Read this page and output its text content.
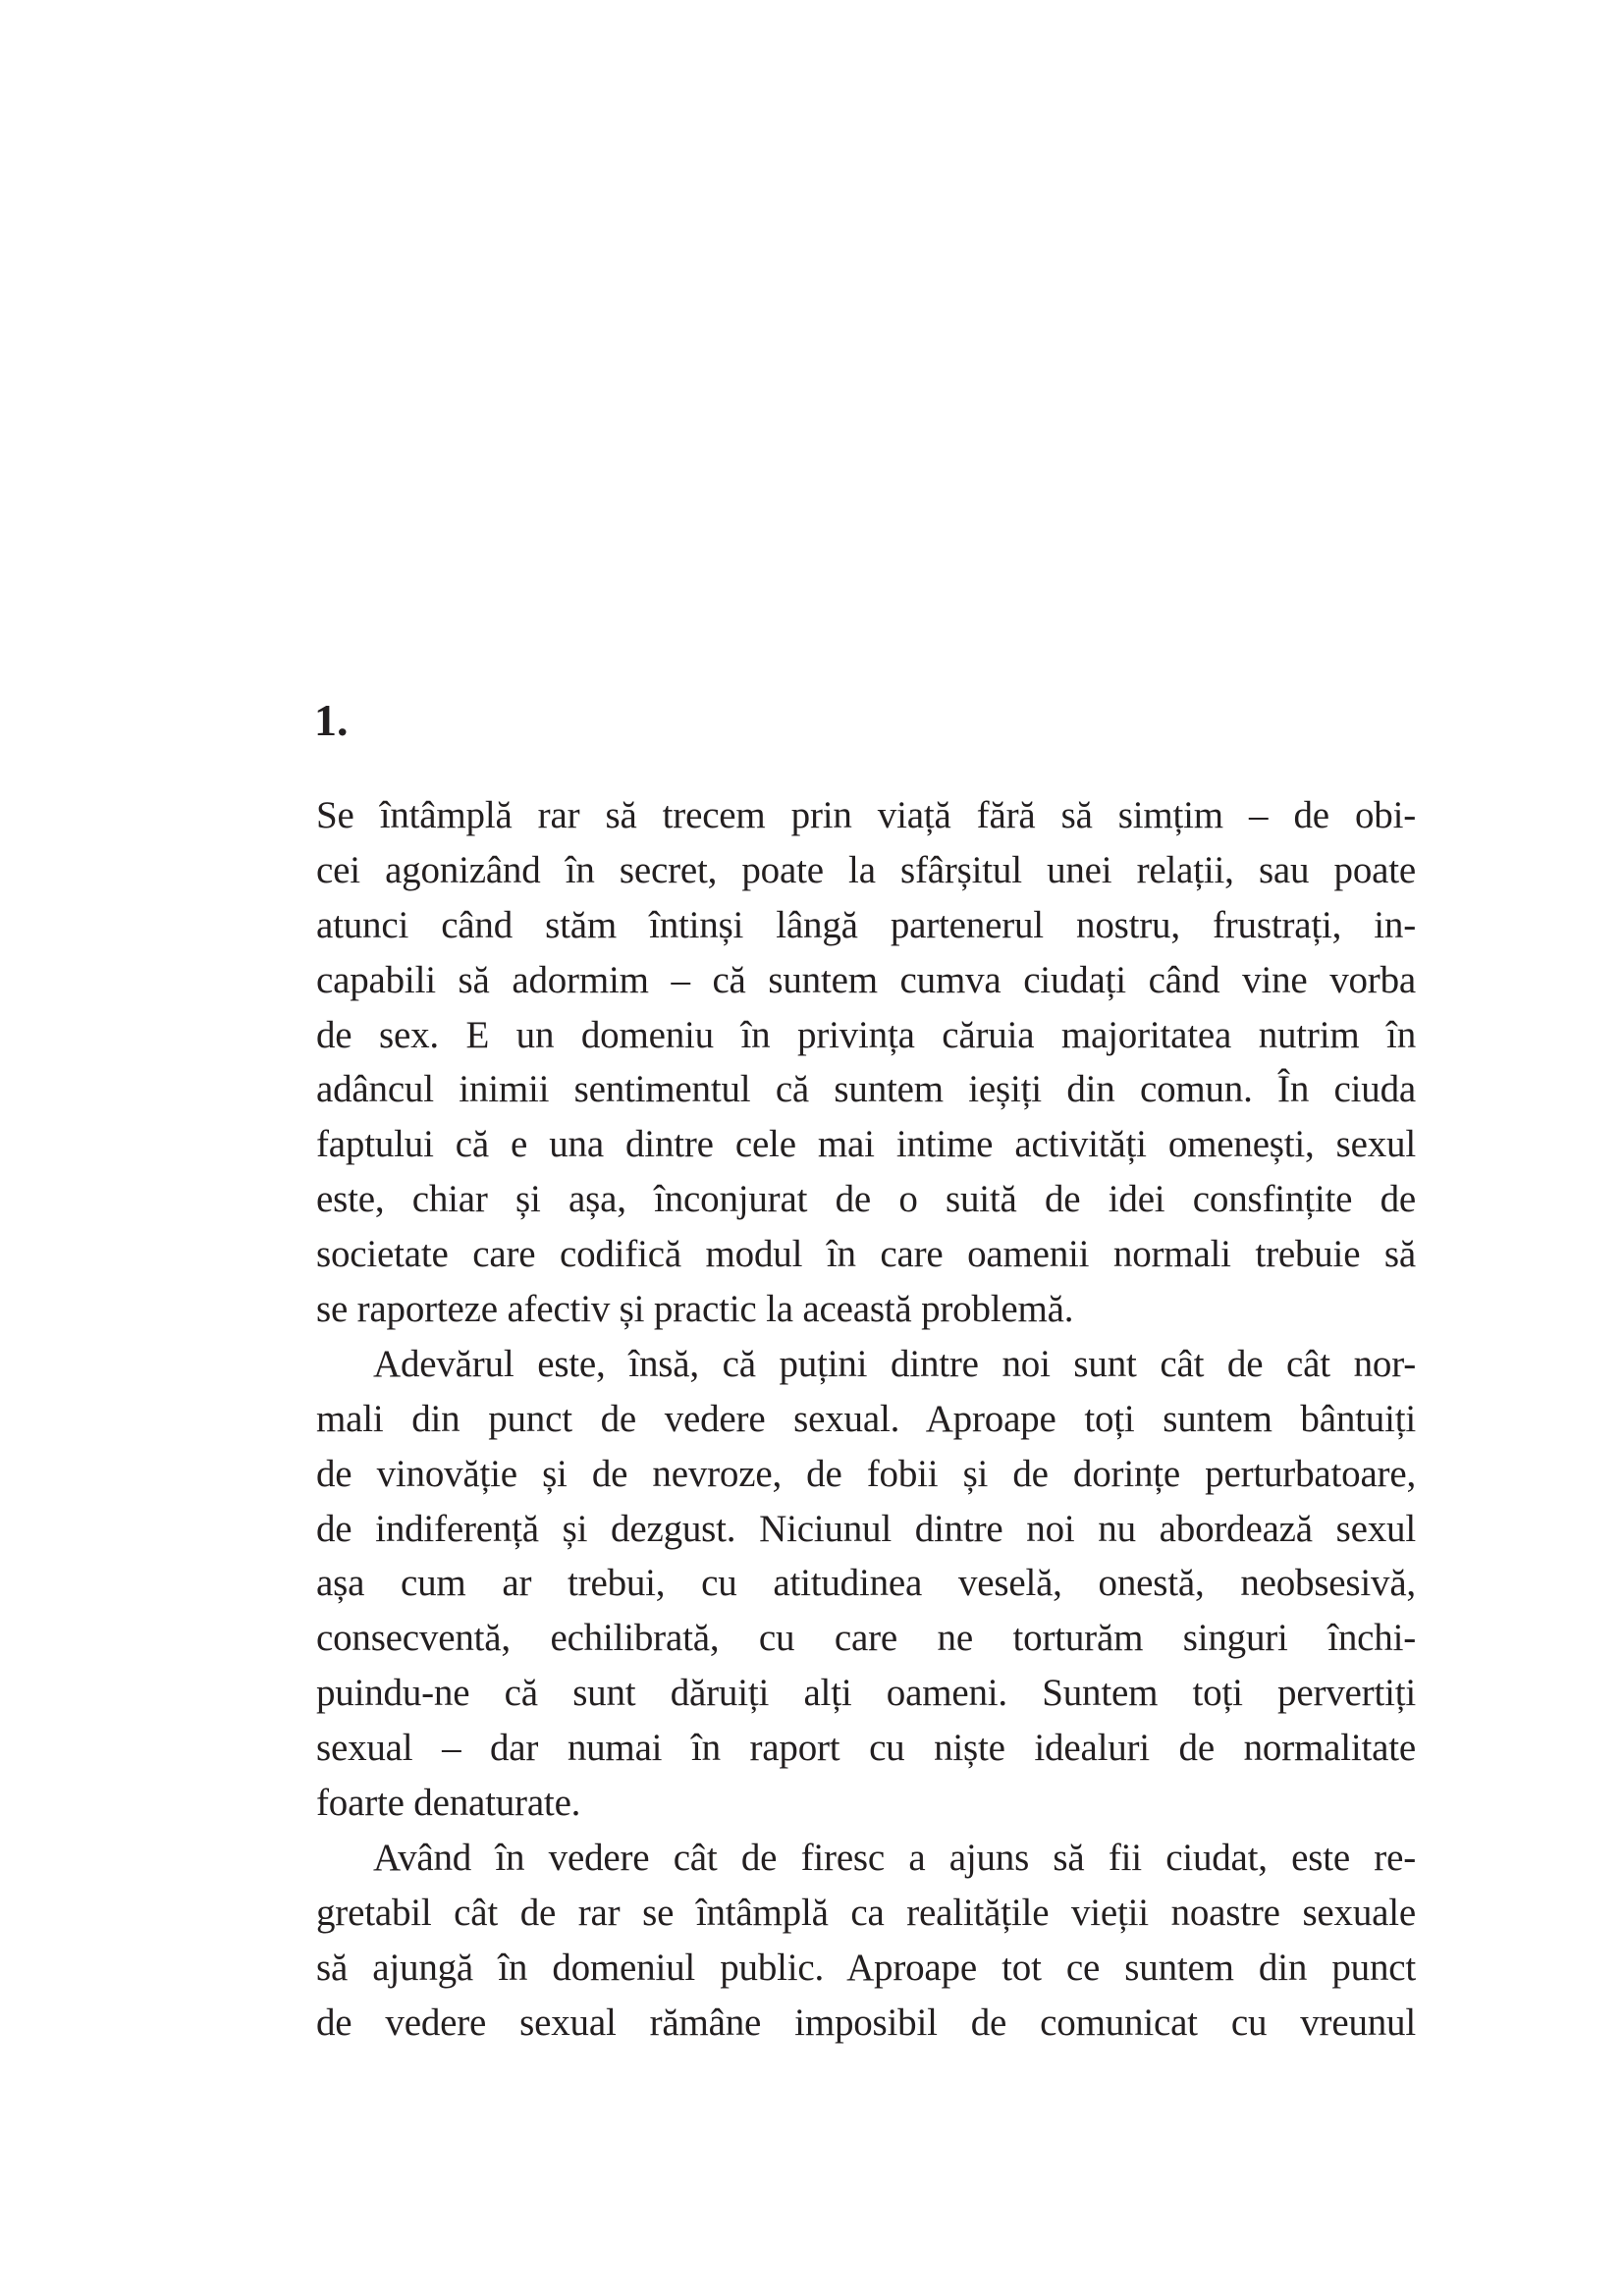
1.
Se întâmplă rar să trecem prin viață fără să simțim – de obi-
cei agonizând în secret, poate la sfârșitul unei relații, sau poate
atunci când stăm întinși lângă partenerul nostru, frustrați, in-
capabili să adormim – că suntem cumva ciudați când vine vorba
de sex. E un domeniu în privința căruia majoritatea nutrim în
adâncul inimii sentimentul că suntem ieșiți din comun. În ciuda
faptului că e una dintre cele mai intime activități omenești, sexul
este, chiar și așa, înconjurat de o suită de idei consfințite de
societate care codifică modul în care oamenii normali trebuie să
se raporteze afectiv și practic la această problemă.
Adevărul este, însă, că puțini dintre noi sunt cât de cât nor-
mali din punct de vedere sexual. Aproape toți suntem bântuiți
de vinovăție și de nevroze, de fobii și de dorințe perturbatoare,
de indiferență și dezgust. Niciunul dintre noi nu abordează sexul
așa cum ar trebui, cu atitudinea veselă, onestă, neobsesivă,
consecventă, echilibrată, cu care ne torturăm singuri închi-
puindu-ne că sunt dăruiți alți oameni. Suntem toți pervertiți
sexual – dar numai în raport cu niște idealuri de normalitate
foarte denaturate.
Având în vedere cât de firesc a ajuns să fii ciudat, este re-
gretabil cât de rar se întâmplă ca realitățile vieții noastre sexuale
să ajungă în domeniul public. Aproape tot ce suntem din punct
de vedere sexual rămâne imposibil de comunicat cu vreunul
